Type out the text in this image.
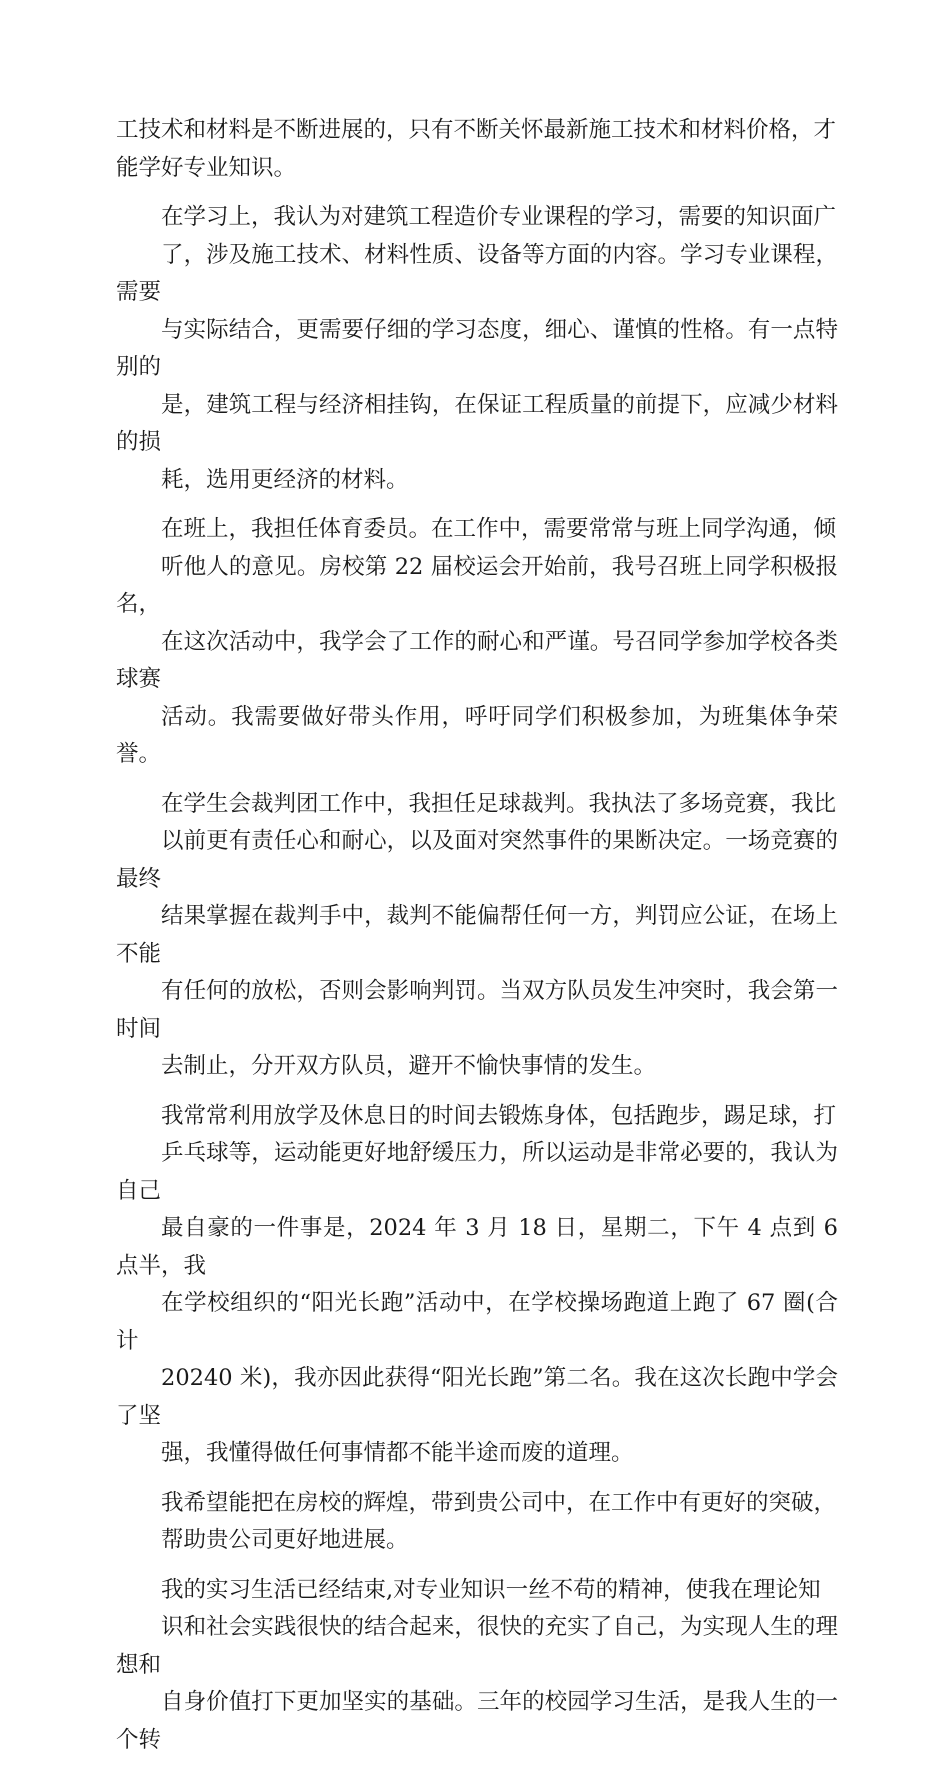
工技术和材料是不断进展的，只有不断关怀最新施工技术和材料价格，才
能学好专业知识。

在学习上，我认为对建筑工程造价专业课程的学习，需要的知识面广
了，涉及施工技术、材料性质、设备等方面的内容。学习专业课程，需要
与实际结合，更需要仔细的学习态度，细心、谨慎的性格。有一点特别的
是，建筑工程与经济相挂钩，在保证工程质量的前提下，应减少材料的损
耗，选用更经济的材料。

在班上，我担任体育委员。在工作中，需要常常与班上同学沟通，倾
听他人的意见。房校第 22 届校运会开始前，我号召班上同学积极报名，
在这次活动中，我学会了工作的耐心和严谨。号召同学参加学校各类球赛
活动。我需要做好带头作用，呼吁同学们积极参加，为班集体争荣誉。

在学生会裁判团工作中，我担任足球裁判。我执法了多场竞赛，我比
以前更有责任心和耐心，以及面对突然事件的果断决定。一场竞赛的最终
结果掌握在裁判手中，裁判不能偏帮任何一方，判罚应公证，在场上不能
有任何的放松，否则会影响判罚。当双方队员发生冲突时，我会第一时间
去制止，分开双方队员，避开不愉快事情的发生。

我常常利用放学及休息日的时间去锻炼身体，包括跑步，踢足球，打
乒乓球等，运动能更好地舒缓压力，所以运动是非常必要的，我认为自己
最自豪的一件事是，2024 年 3 月 18 日，星期二，下午 4 点到 6 点半，我
在学校组织的“阳光长跑”活动中，在学校操场跑道上跑了 67 圈(合计
20240 米)，我亦因此获得“阳光长跑”第二名。我在这次长跑中学会了坚
强，我懂得做任何事情都不能半途而废的道理。

我希望能把在房校的辉煌，带到贵公司中，在工作中有更好的突破，
帮助贵公司更好地进展。

我的实习生活已经结束,对专业知识一丝不苟的精神，使我在理论知
识和社会实践很快的结合起来，很快的充实了自己，为实现人生的理想和
自身价值打下更加坚实的基础。三年的校园学习生活，是我人生的一个转
